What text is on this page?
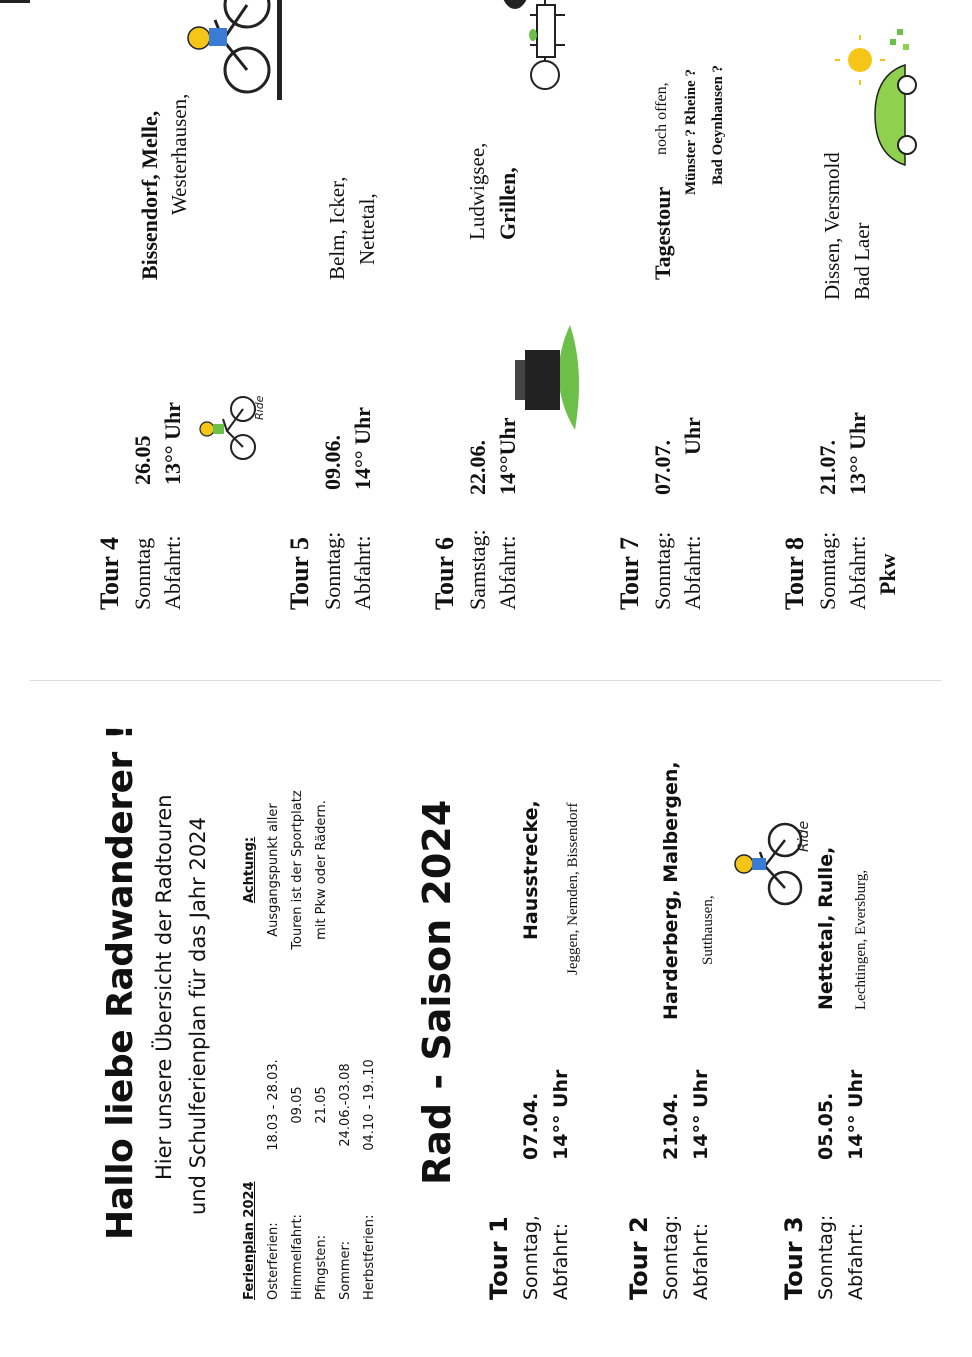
Hallo liebe Radwanderer ! Hier unsere Übersicht der Radtouren und Schulferienplan für das Jahr 2024
Ferienplan 2024 Osterferien: Himmelfahrt: Pfingsten: Sommer: Herbstferien:
18.03 - 28.03. 09.05 21.05 24.06.-03.08 04.10 - 19..10
Achtung: Ausgangspunkt aller Touren ist der Sportplatz mit Pkw oder Rädern. Rad - Saison 2024
Tour 1 Sonntag, Abfahrt:
07.04. 14°° Uhr
Hausstrecke, Jeggen, Nemden, Bissendorf
Tour 2 Sonntag: Abfahrt:
21.04. 14°° Uhr
Harderberg, Malbergen, Sutthausen,
Ride
Tour 3 Sonntag: Abfahrt:
05.05. 14°° Uhr
Nettetal, Rulle, Lechtingen, Eversburg,
Tour 4 Sonntag Abfahrt:
26.05 13°° Uhr
Bissendorf, Melle, Westerhausen,
Ride
Tour 5 Sonntag: Abfahrt:
09.06. 14°° Uhr
Belm, Icker, Nettetal,
Tour 6 Samstag: Abfahrt:
22.06. 14°°Uhr
Ludwigsee, Grillen,
Tour 7 Sonntag: Abfahrt:
07.07.
Uhr
Tagestour
noch offen, Münster ? Rheine ? Bad Oeynhausen ?
Tour 8 Sonntag: Abfahrt: Pkw
21.07. 13°° Uhr
Dissen, Versmold Bad Laer
